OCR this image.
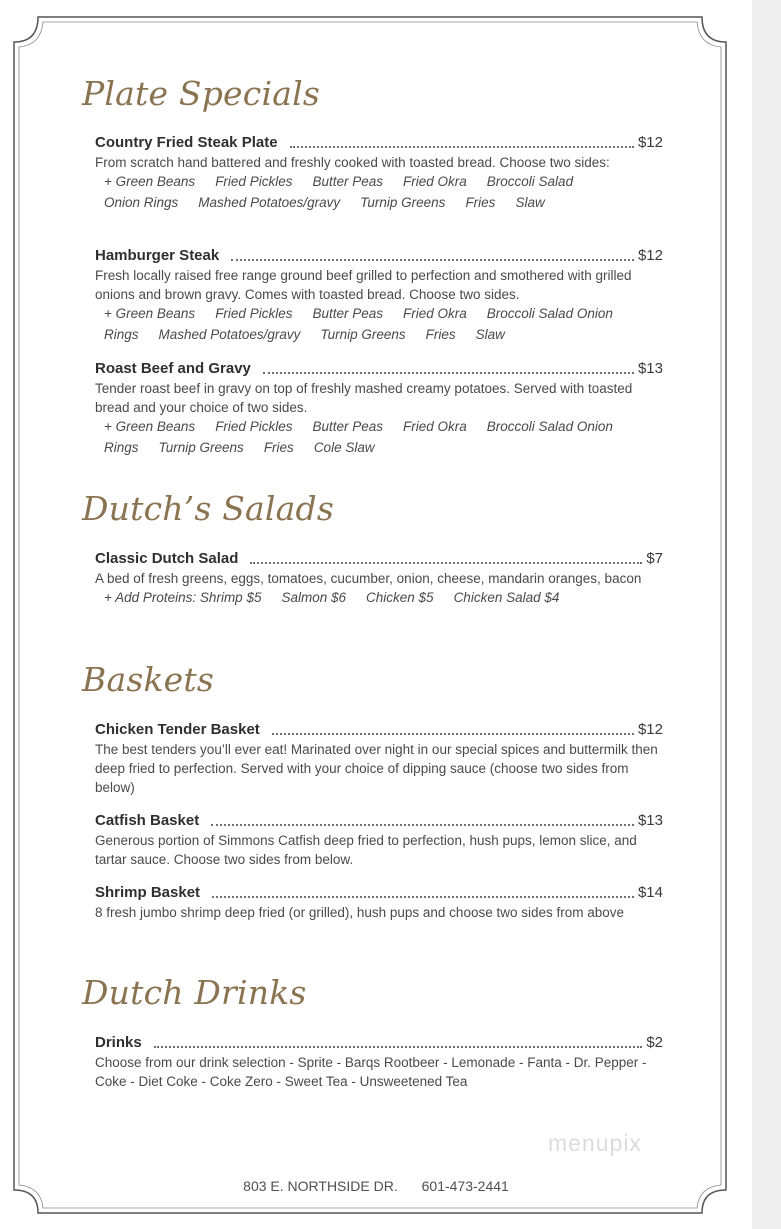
Plate Specials
Country Fried Steak Plate	$12

From scratch hand battered and freshly cooked with toasted bread. Choose two sides:

+ Green Beans Fried Pickles Butter Peas Fried Okra Broccoli Salad
Onion Rings Mashed Potatoes/gravy Turnip Greens Fries Slaw

Hamburger Steak	$12

Fresh locally raised free range ground beef grilled to perfection and smothered with grilled onions and brown gravy. Comes with toasted bread. Choose two sides.

+ Green Beans Fried Pickles Butter Peas Fried Okra Broccoli Salad Onion
Rings Mashed Potatoes/gravy Turnip Greens Fries Slaw

Roast Beef and Gravy	$13

Tender roast beef in gravy on top of freshly mashed creamy potatoes. Served with toasted bread and your choice of two sides.

+ Green Beans Fried Pickles Butter Peas Fried Okra Broccoli Salad Onion
Rings Turnip Greens Fries Cole Slaw

Dutch’s Salads
Classic Dutch Salad	$7

A bed of fresh greens, eggs, tomatoes, cucumber, onion, cheese, mandarin oranges, bacon

+ Add Proteins: Shrimp $5 Salmon $6 Chicken $5 Chicken Salad $4

Baskets
Chicken Tender Basket	$12

The best tenders you’ll ever eat! Marinated over night in our special spices and buttermilk then deep fried to perfection. Served with your choice of dipping sauce (choose two sides from below)

Catfish Basket	$13

Generous portion of Simmons Catfish deep fried to perfection, hush pups, lemon slice, and tartar sauce. Choose two sides from below.

Shrimp Basket	$14

8 fresh jumbo shrimp deep fried (or grilled), hush pups and choose two sides from above

Dutch Drinks
Drinks	$2

Choose from our drink selection - Sprite - Barqs Rootbeer - Lemonade - Fanta - Dr. Pepper - Coke - Diet Coke - Coke Zero - Sweet Tea - Unsweetened Tea

menupix
803 E. NORTHSIDE DR. 601-473-2441
